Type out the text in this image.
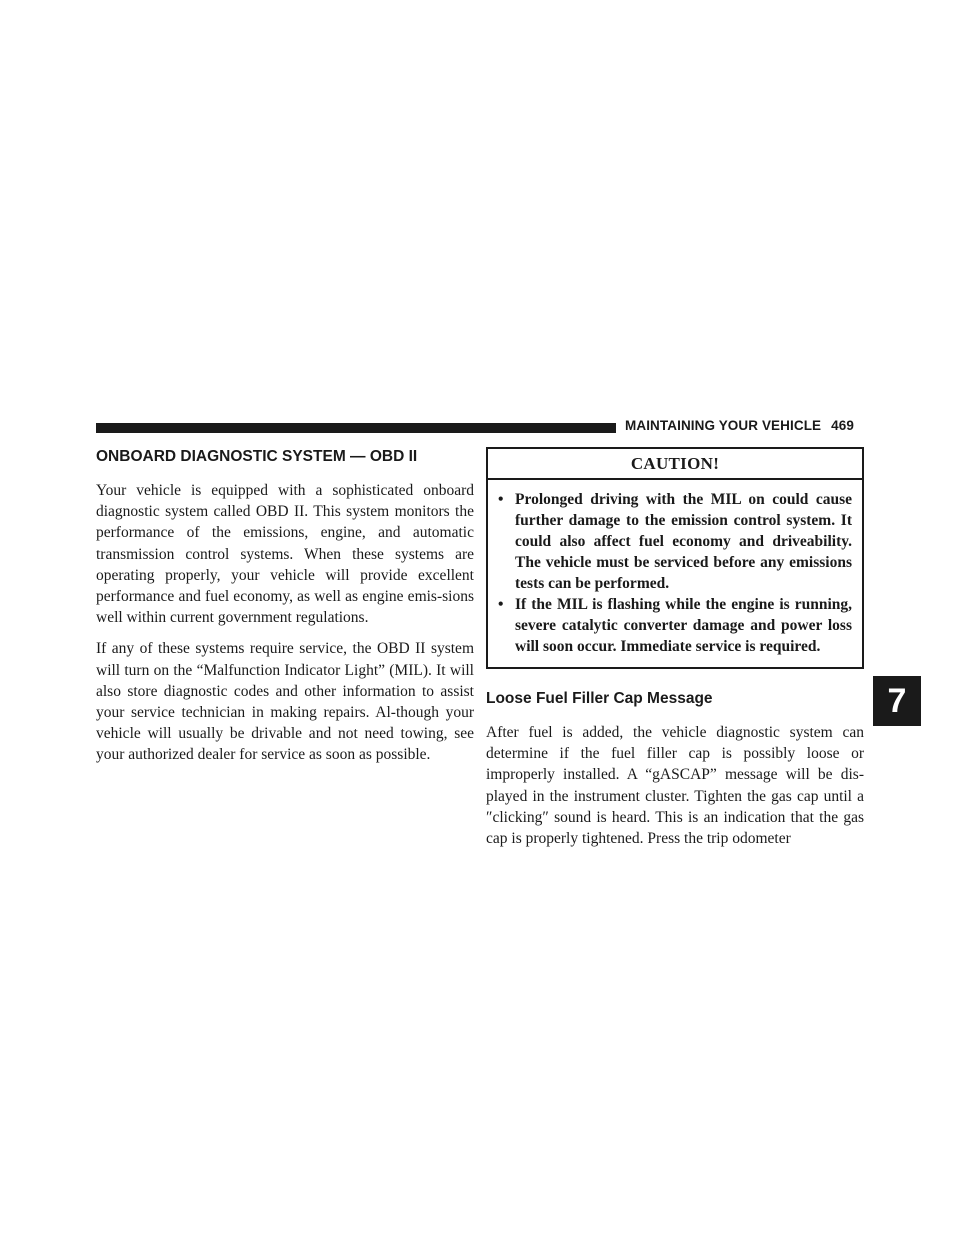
MAINTAINING YOUR VEHICLE 469
ONBOARD DIAGNOSTIC SYSTEM — OBD II

Your vehicle is equipped with a sophisticated onboard diagnostic system called OBD II. This system monitors the performance of the emissions, engine, and automatic transmission control systems. When these systems are operating properly, your vehicle will provide excellent performance and fuel economy, as well as engine emis-sions well within current government regulations.

If any of these systems require service, the OBD II system will turn on the “Malfunction Indicator Light” (MIL). It will also store diagnostic codes and other information to assist your service technician in making repairs. Al-though your vehicle will usually be drivable and not need towing, see your authorized dealer for service as soon as possible.

CAUTION!
• Prolonged driving with the MIL on could cause further damage to the emission control system. It could also affect fuel economy and driveability. The vehicle must be serviced before any emissions tests can be performed.
• If the MIL is flashing while the engine is running, severe catalytic converter damage and power loss will soon occur. Immediate service is required.
Loose Fuel Filler Cap Message

After fuel is added, the vehicle diagnostic system can determine if the fuel filler cap is possibly loose or improperly installed. A “gASCAP” message will be dis-played in the instrument cluster. Tighten the gas cap until a ″clicking″ sound is heard. This is an indication that the gas cap is properly tightened. Press the trip odometer

7
